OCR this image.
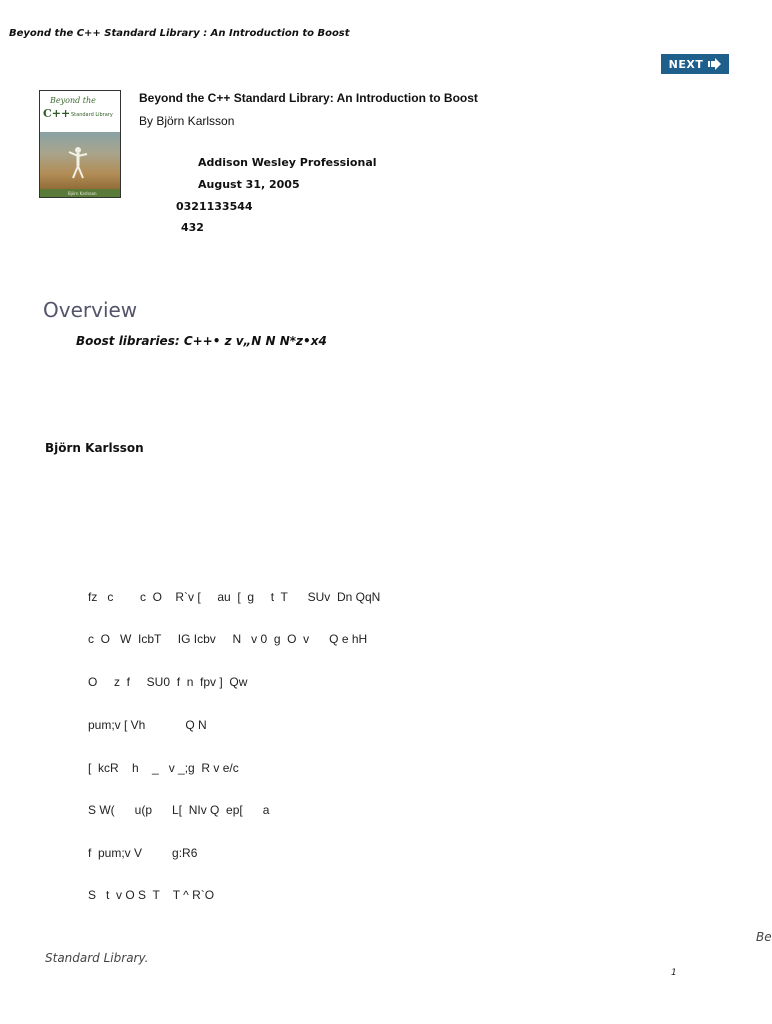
Beyond the C++ Standard Library : An Introduction to Boost
NEXT
Beyond the
C++ Standard Library
Björn Karlsson
Beyond the C++ Standard Library: An Introduction to Boost
By Björn Karlsson
Addison Wesley Professional
August 31, 2005
0321133544
432
Overview
Boost libraries: C++• z v„N N N*z•x4
Björn Karlsson
fz   c        c  O    R`v [     au  [  g     t  T      SUv  Dn QqN
c  O   W  IcbT     IG Icbv     N   v 0  g  O  v      Q e hH
O     z  f     SU0  f  n  fpv ]  Qw
pum;v [ Vh            Q N
[  kcR    h    _   v _;g  R v e/c
S W(      u(p      L[  NIv Q  ep[      a
f  pum;v V         g:R6
S   t  v O S  T    T ^ R`O
Be
Standard Library.
1
